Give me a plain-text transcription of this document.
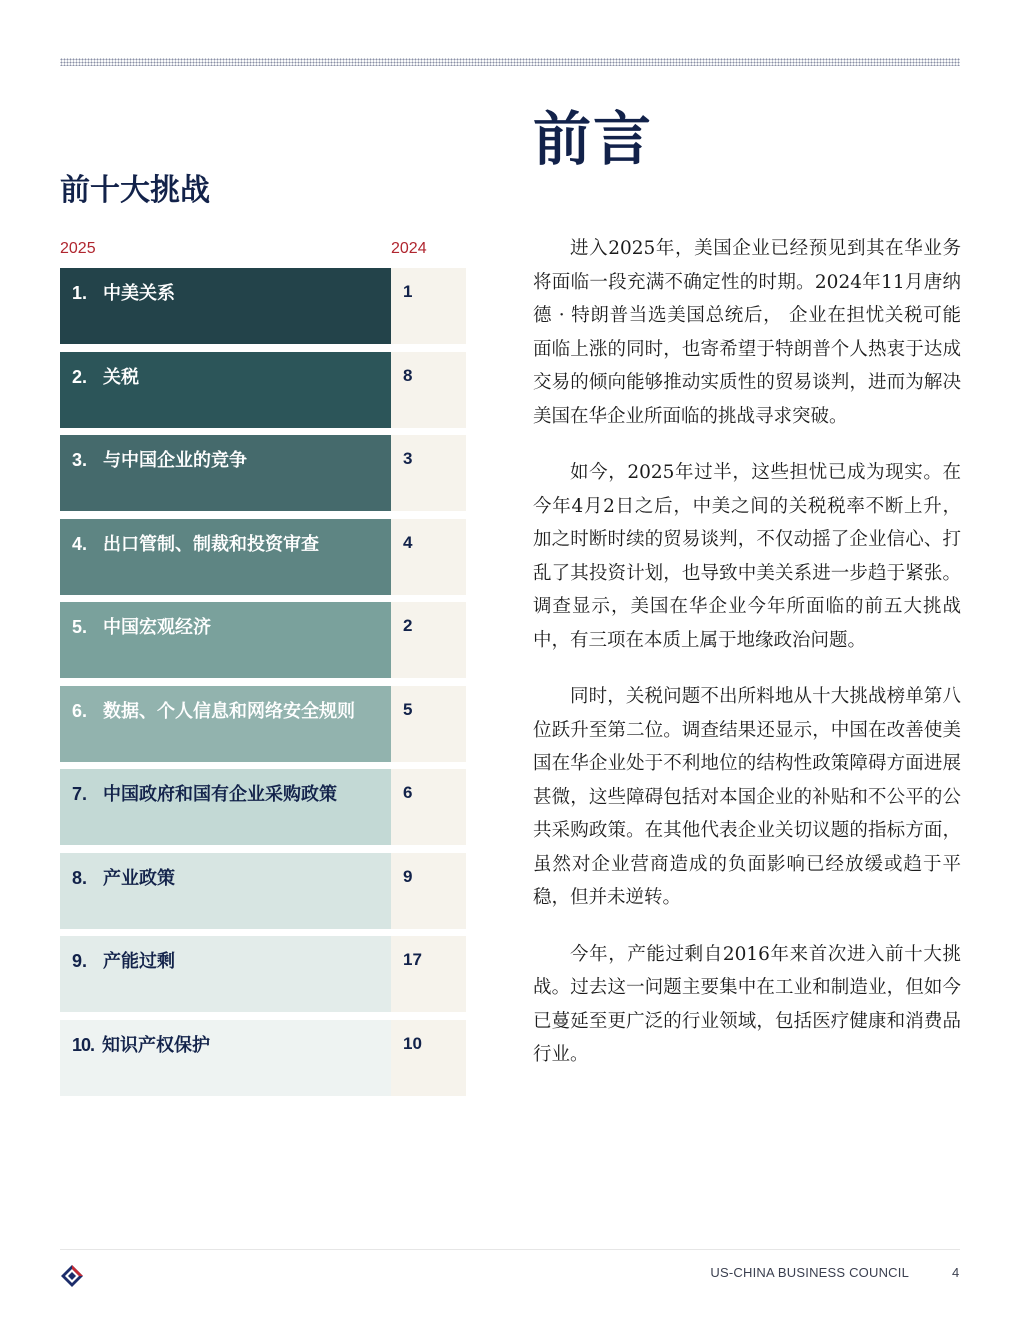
前言
前十大挑战
2025	2024
1. 中美关系	1
2. 关税	8
3. 与中国企业的竞争	3
4. 出口管制、制裁和投资审查	4
5. 中国宏观经济	2
6. 数据、个人信息和网络安全规则	5
7. 中国政府和国有企业采购政策	6
8. 产业政策	9
9. 产能过剩	17
10. 知识产权保护	10

进入2025年，美国企业已经预见到其在华业务将面临一段充满不确定性的时期。2024年11月唐纳德 · 特朗普当选美国总统后， 企业在担忧关税可能面临上涨的同时，也寄希望于特朗普个人热衷于达成交易的倾向能够推动实质性的贸易谈判，进而为解决美国在华企业所面临的挑战寻求突破。

如今，2025年过半，这些担忧已成为现实。在今年4月2日之后，中美之间的关税税率不断上升，加之时断时续的贸易谈判，不仅动摇了企业信心、打乱了其投资计划，也导致中美关系进一步趋于紧张。调查显示，美国在华企业今年所面临的前五大挑战中，有三项在本质上属于地缘政治问题。

同时，关税问题不出所料地从十大挑战榜单第八位跃升至第二位。调查结果还显示，中国在改善使美国在华企业处于不利地位的结构性政策障碍方面进展甚微，这些障碍包括对本国企业的补贴和不公平的公共采购政策。在其他代表企业关切议题的指标方面，虽然对企业营商造成的负面影响已经放缓或趋于平稳，但并未逆转。

今年，产能过剩自2016年来首次进入前十大挑战。过去这一问题主要集中在工业和制造业，但如今已蔓延至更广泛的行业领域，包括医疗健康和消费品行业。

US-CHINA BUSINESS COUNCIL	4
